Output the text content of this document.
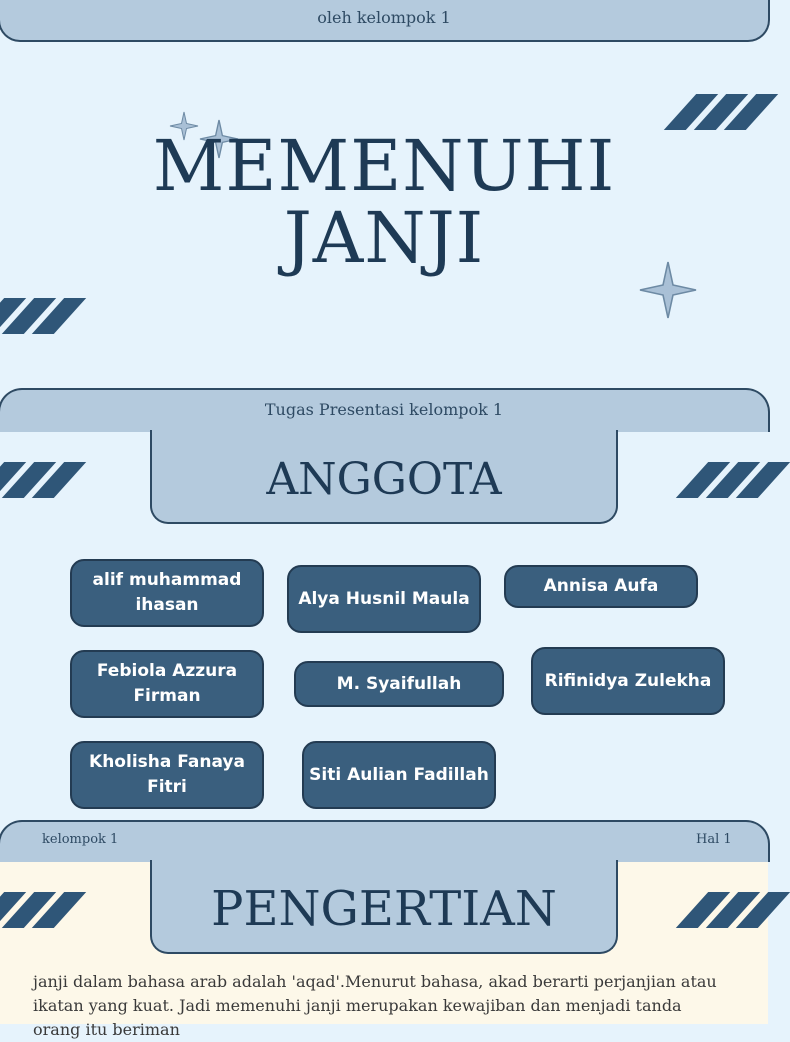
oleh kelompok 1
MEMENUHI
JANJI
Tugas Presentasi kelompok 1
ANGGOTA
alif muhammad ihasan	Alya Husnil Maula
Annisa Aufa
Febiola Azzura Firman
M. Syaifullah	Rifinidya Zulekha
Kholisha Fanaya Fitri
Siti Aulian Fadillah
kelompok 1	Hal 1
PENGERTIAN
janji dalam bahasa arab adalah 'aqad'.Menurut bahasa, akad berarti perjanjian atau ikatan yang kuat. Jadi memenuhi janji merupakan kewajiban dan menjadi tanda orang itu beriman
